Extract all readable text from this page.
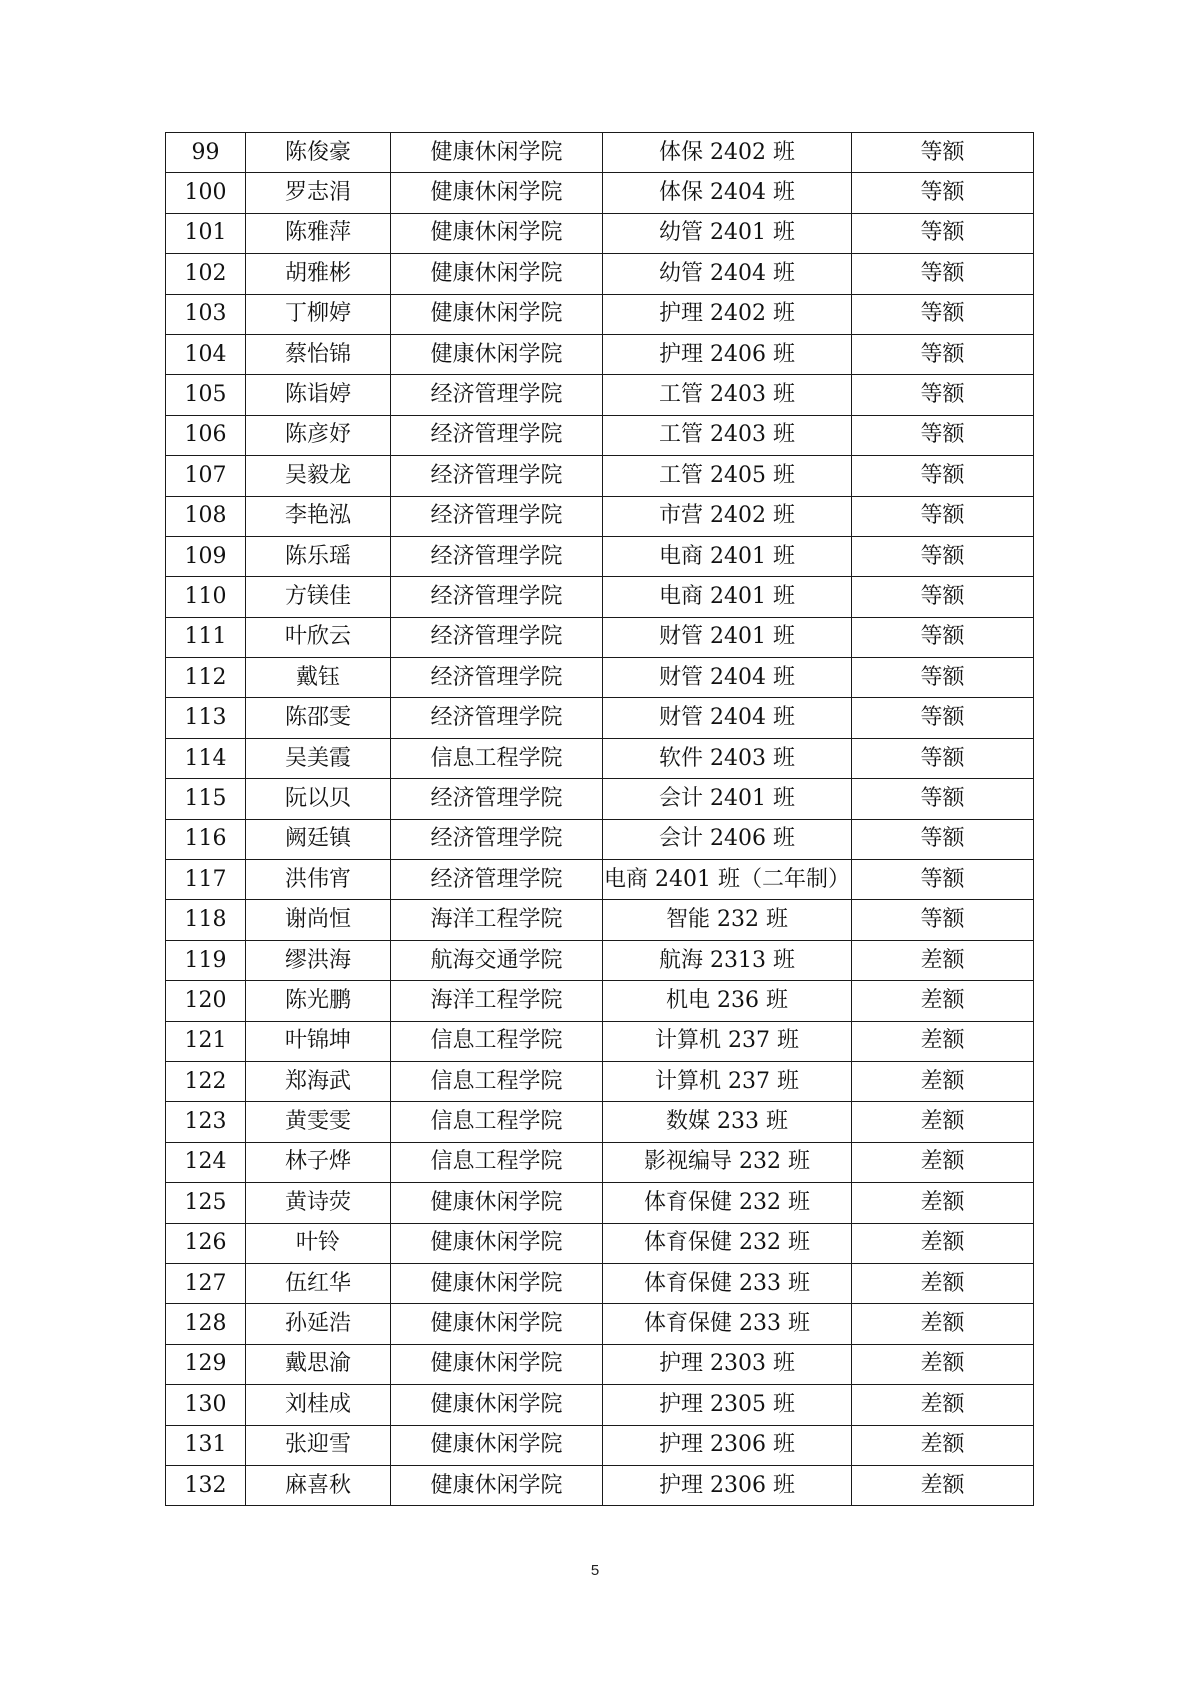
99	陈俊豪	健康休闲学院	体保 2402 班	等额
100	罗志涓	健康休闲学院	体保 2404 班	等额
101	陈雅萍	健康休闲学院	幼管 2401 班	等额
102	胡雅彬	健康休闲学院	幼管 2404 班	等额
103	丁柳婷	健康休闲学院	护理 2402 班	等额
104	蔡怡锦	健康休闲学院	护理 2406 班	等额
105	陈诣婷	经济管理学院	工管 2403 班	等额
106	陈彦妤	经济管理学院	工管 2403 班	等额
107	吴毅龙	经济管理学院	工管 2405 班	等额
108	李艳泓	经济管理学院	市营 2402 班	等额
109	陈乐瑶	经济管理学院	电商 2401 班	等额
110	方镁佳	经济管理学院	电商 2401 班	等额
111	叶欣云	经济管理学院	财管 2401 班	等额
112	戴钰	经济管理学院	财管 2404 班	等额
113	陈邵雯	经济管理学院	财管 2404 班	等额
114	吴美霞	信息工程学院	软件 2403 班	等额
115	阮以贝	经济管理学院	会计 2401 班	等额
116	阙廷镇	经济管理学院	会计 2406 班	等额
117	洪伟宵	经济管理学院	电商 2401 班（二年制）	等额
118	谢尚恒	海洋工程学院	智能 232 班	等额
119	缪洪海	航海交通学院	航海 2313 班	差额
120	陈光鹏	海洋工程学院	机电 236 班	差额
121	叶锦坤	信息工程学院	计算机 237 班	差额
122	郑海武	信息工程学院	计算机 237 班	差额
123	黄雯雯	信息工程学院	数媒 233 班	差额
124	林子烨	信息工程学院	影视编导 232 班	差额
125	黄诗荧	健康休闲学院	体育保健 232 班	差额
126	叶铃	健康休闲学院	体育保健 232 班	差额
127	伍红华	健康休闲学院	体育保健 233 班	差额
128	孙延浩	健康休闲学院	体育保健 233 班	差额
129	戴思渝	健康休闲学院	护理 2303 班	差额
130	刘桂成	健康休闲学院	护理 2305 班	差额
131	张迎雪	健康休闲学院	护理 2306 班	差额
132	麻喜秋	健康休闲学院	护理 2306 班	差额
5
